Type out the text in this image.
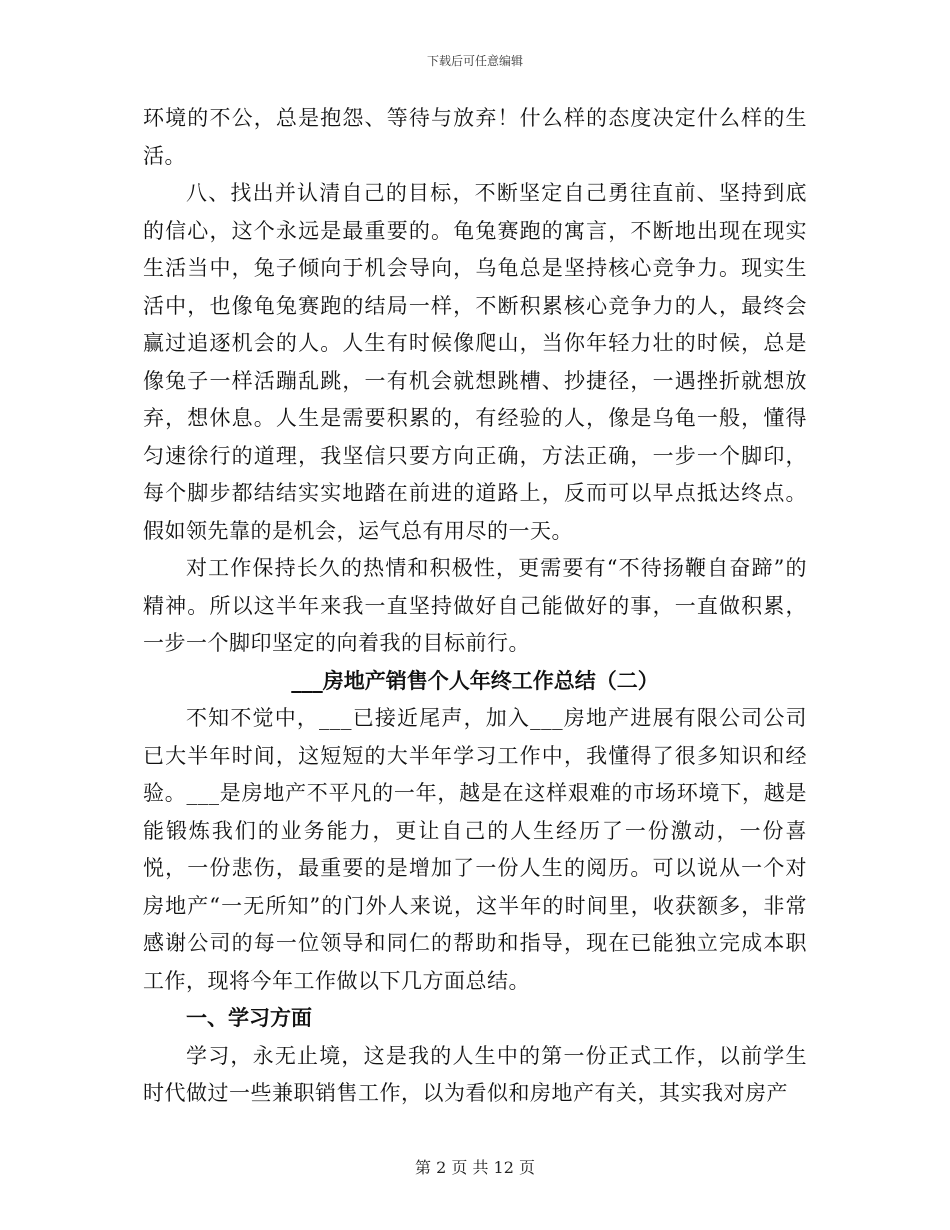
下载后可任意编辑

环境的不公，总是抱怨、等待与放弃！什么样的态度决定什么样的生活。

八、找出并认清自己的目标，不断坚定自己勇往直前、坚持到底的信心，这个永远是最重要的。龟兔赛跑的寓言，不断地出现在现实生活当中，兔子倾向于机会导向，乌龟总是坚持核心竞争力。现实生活中，也像龟兔赛跑的结局一样，不断积累核心竞争力的人，最终会赢过追逐机会的人。人生有时候像爬山，当你年轻力壮的时候，总是像兔子一样活蹦乱跳，一有机会就想跳槽、抄捷径，一遇挫折就想放弃，想休息。人生是需要积累的，有经验的人，像是乌龟一般，懂得匀速徐行的道理，我坚信只要方向正确，方法正确，一步一个脚印，每个脚步都结结实实地踏在前进的道路上，反而可以早点抵达终点。假如领先靠的是机会，运气总有用尽的一天。

对工作保持长久的热情和积极性，更需要有“不待扬鞭自奋蹄”的精神。所以这半年来我一直坚持做好自己能做好的事，一直做积累，一步一个脚印坚定的向着我的目标前行。

___房地产销售个人年终工作总结（二）

不知不觉中，___已接近尾声，加入___房地产进展有限公司公司已大半年时间，这短短的大半年学习工作中，我懂得了很多知识和经验。___是房地产不平凡的一年，越是在这样艰难的市场环境下，越是能锻炼我们的业务能力，更让自己的人生经历了一份激动，一份喜悦，一份悲伤，最重要的是增加了一份人生的阅历。可以说从一个对房地产“一无所知”的门外人来说，这半年的时间里，收获额多，非常感谢公司的每一位领导和同仁的帮助和指导，现在已能独立完成本职工作，现将今年工作做以下几方面总结。

一、学习方面

学习，永无止境，这是我的人生中的第一份正式工作，以前学生时代做过一些兼职销售工作，以为看似和房地产有关，其实我对房产

第 2 页 共 12 页
